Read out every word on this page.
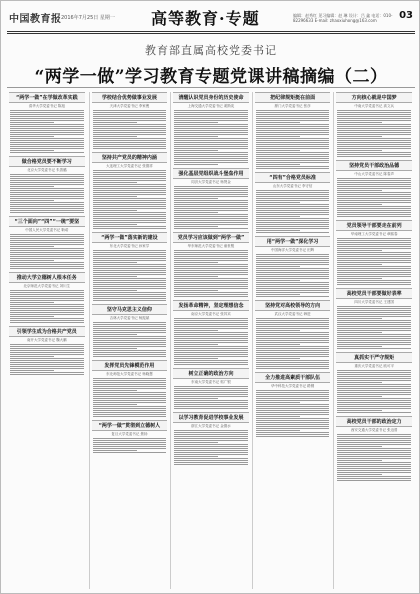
中国教育报 2016年7月25日 星期一 高等教育·专题	编辑：赵秀红 见习编辑：赵 琳 设计：吕 鑫 电话：010-82296633 E-mail: zhaoxiuhong@163.com	03
教育部直属高校党委书记
“两学一做”学习教育专题党课讲稿摘编（二）
“两学一做”在学做改革实践
清华大学党委书记 陈旭
做合格党员要不断学习
北京大学党委书记 朱善璐
“三个面向”“四”“一统”要坚
中国人民大学党委书记 靳诺
推动大学立德树人根本任务
北京师范大学党委书记 刘川生
引领学生成为合格共产党员
南开大学党委书记 魏大鹏
学校结合优势做事业发展
天津大学党委书记 李家俊
坚持共产党员的精神内涵
大连理工大学党委书记 张德祥
“两学一做”落实新的建设
东北大学党委书记 孙家学
坚守马克思主义信仰
吉林大学党委书记 杨振斌
发挥党员先锋模范作用
东北师范大学党委书记 杨晓慧
“两学一做”贯彻到立德树人
复旦大学党委书记 焦扬
清醒认识党员身份的历史使命
上海交通大学党委书记 姜斯宪
强化基层党组织战斗堡垒作用
同济大学党委书记 杨贤金
党员学习应该做到“两学一做”
华东师范大学党委书记 童世骏
发扬革命精神，坚定理想信念
南京大学党委书记 张异宾
树立正确的政治方向
东南大学党委书记 郭广银
以学习教育促进学校事业发展
浙江大学党委书记 金德水
把纪律规矩挺在前面
厦门大学党委书记 张彦
“四有”合格党员标准
山东大学党委书记 李守信
用“两学一做”深化学习
中国海洋大学党委书记 田辉
坚持党对高校领导的方向
武汉大学党委书记 韩进
全力推进高素质干部队伍
华中科技大学党委书记 路钢
方向核心就是中国梦
中南大学党委书记 高文兵
坚持党员干部政治品德
中山大学党委书记 陈春声
党员领导干部要走在前列
华南理工大学党委书记 章熙春
高校党员干部要做好表率
四川大学党委书记 王建国
真抓实干严守规矩
重庆大学党委书记 欧可平
高校党员干部的政治定力
西安交通大学党委书记 张迈曾
